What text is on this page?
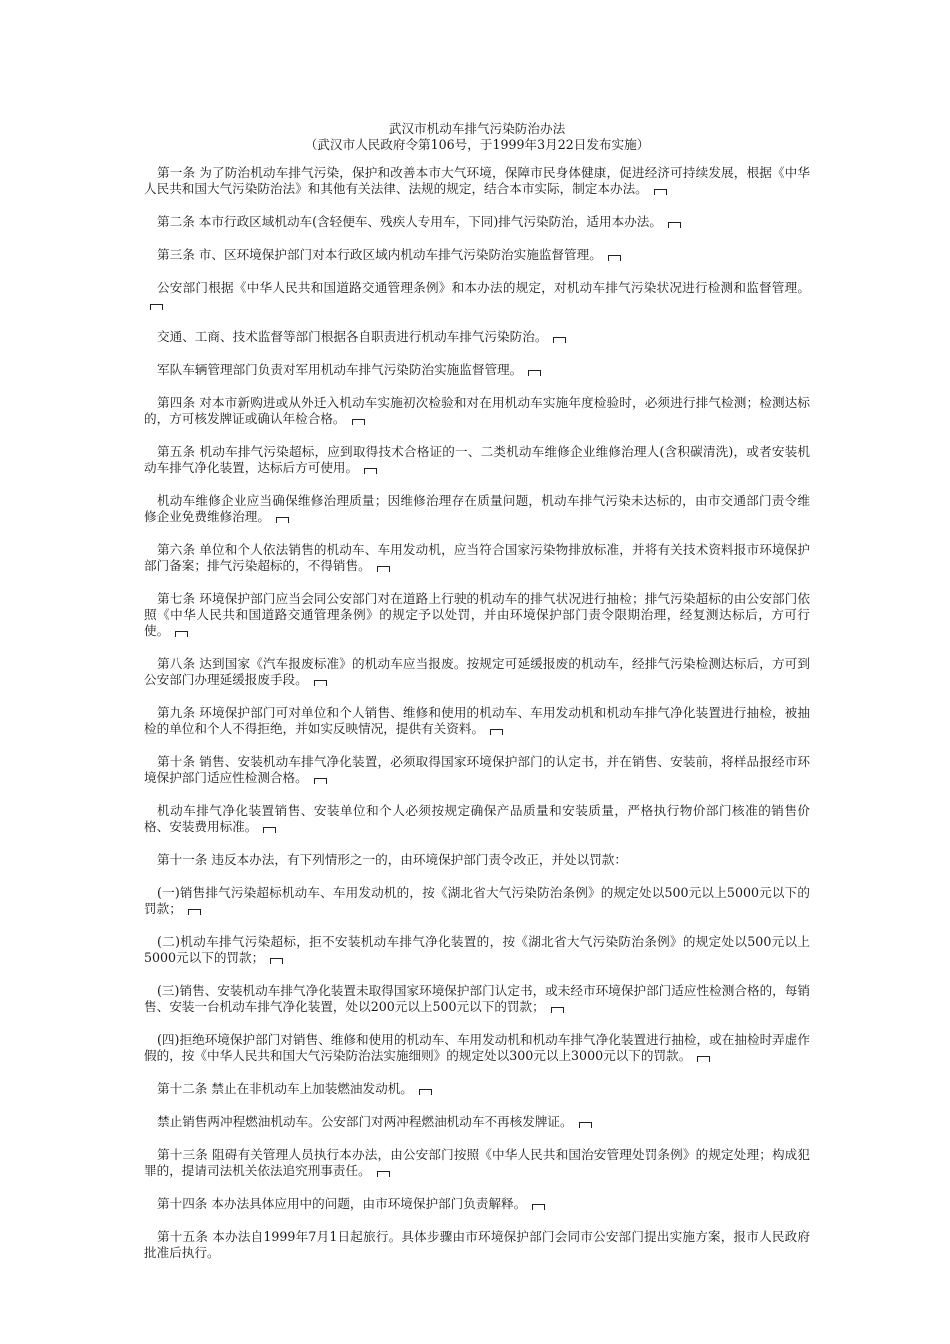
武汉市机动车排气污染防治办法

（武汉市人民政府令第106号，于1999年3月22日发布实施）

第一条 为了防治机动车排气污染，保护和改善本市大气环境，保障市民身体健康，促进经济可持续发展，根据《中华人民共和国大气污染防治法》和其他有关法律、法规的规定，结合本市实际，制定本办法。

第二条 本市行政区域机动车(含轻便车、残疾人专用车，下同)排气污染防治，适用本办法。

第三条 市、区环境保护部门对本行政区域内机动车排气污染防治实施监督管理。

公安部门根据《中华人民共和国道路交通管理条例》和本办法的规定，对机动车排气污染状况进行检测和监督管理。

交通、工商、技术监督等部门根据各自职责进行机动车排气污染防治。

军队车辆管理部门负责对军用机动车排气污染防治实施监督管理。

第四条 对本市新购进或从外迁入机动车实施初次检验和对在用机动车实施年度检验时，必须进行排气检测；检测达标的，方可核发牌证或确认年检合格。

第五条 机动车排气污染超标，应到取得技术合格证的一、二类机动车维修企业维修治理人(含积碳清洗)，或者安装机动车排气净化装置，达标后方可使用。

机动车维修企业应当确保维修治理质量；因维修治理存在质量问题，机动车排气污染未达标的，由市交通部门责令维修企业免费维修治理。

第六条 单位和个人依法销售的机动车、车用发动机，应当符合国家污染物排放标准，并将有关技术资料报市环境保护部门备案；排气污染超标的，不得销售。

第七条 环境保护部门应当会同公安部门对在道路上行驶的机动车的排气状况进行抽检；排气污染超标的由公安部门依照《中华人民共和国道路交通管理条例》的规定予以处罚，并由环境保护部门责令限期治理，经复测达标后，方可行使。

第八条 达到国家《汽车报废标准》的机动车应当报废。按规定可延缓报废的机动车，经排气污染检测达标后，方可到公安部门办理延缓报废手段。

第九条 环境保护部门可对单位和个人销售、维修和使用的机动车、车用发动机和机动车排气净化装置进行抽检，被抽检的单位和个人不得拒绝，并如实反映情况，提供有关资料。

第十条 销售、安装机动车排气净化装置，必须取得国家环境保护部门的认定书，并在销售、安装前，将样品报经市环境保护部门适应性检测合格。

机动车排气净化装置销售、安装单位和个人必须按规定确保产品质量和安装质量，严格执行物价部门核准的销售价格、安装费用标准。

第十一条 违反本办法，有下列情形之一的，由环境保护部门责令改正，并处以罚款：

(一)销售排气污染超标机动车、车用发动机的，按《湖北省大气污染防治条例》的规定处以500元以上5000元以下的罚款；

(二)机动车排气污染超标，拒不安装机动车排气净化装置的，按《湖北省大气污染防治条例》的规定处以500元以上5000元以下的罚款；

(三)销售、安装机动车排气净化装置未取得国家环境保护部门认定书，或未经市环境保护部门适应性检测合格的，每销售、安装一台机动车排气净化装置，处以200元以上500元以下的罚款；

(四)拒绝环境保护部门对销售、维修和使用的机动车、车用发动机和机动车排气净化装置进行抽检，或在抽检时弄虚作假的，按《中华人民共和国大气污染防治法实施细则》的规定处以300元以上3000元以下的罚款。

第十二条 禁止在非机动车上加装燃油发动机。

禁止销售两冲程燃油机动车。公安部门对两冲程燃油机动车不再核发牌证。

第十三条 阻碍有关管理人员执行本办法，由公安部门按照《中华人民共和国治安管理处罚条例》的规定处理；构成犯罪的，提请司法机关依法追究刑事责任。

第十四条 本办法具体应用中的问题，由市环境保护部门负责解释。

第十五条 本办法自1999年7月1日起旅行。具体步骤由市环境保护部门会同市公安部门提出实施方案，报市人民政府批准后执行。
